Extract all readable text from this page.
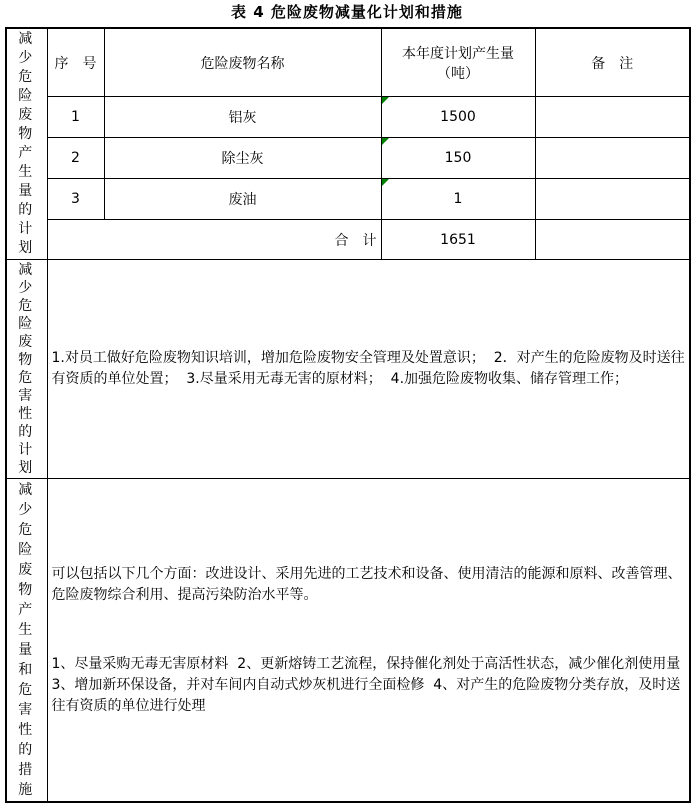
表 4 危险废物减量化计划和措施
减少危险废物产生量的计划	序　号	危险废物名称	本年度计划产生量（吨）	备　注
	1	铝灰	1500	
	2	除尘灰	150	
	3	废油	1	
	合　计		1651	
减少危险废物危害性的计划	1.对员工做好危险废物知识培训，增加危险废物安全管理及处置意识；  2．对产生的危险废物及时送往有资质的单位处置；  3.尽量采用无毒无害的原材料；  4.加强危险废物收集、储存管理工作；			
减少危险废物产生量和危害性的措施	可以包括以下几个方面：改进设计、采用先进的工艺技术和设备、使用清洁的能源和原料、改善管理、危险废物综合利用、提高污染防治水平等。

1、尽量采购无毒无害原材料  2、更新熔铸工艺流程，保持催化剂处于高活性状态，减少催化剂使用量  3、增加新环保设备，并对车间内自动式炒灰机进行全面检修  4、对产生的危险废物分类存放，及时送往有资质的单位进行处理			
